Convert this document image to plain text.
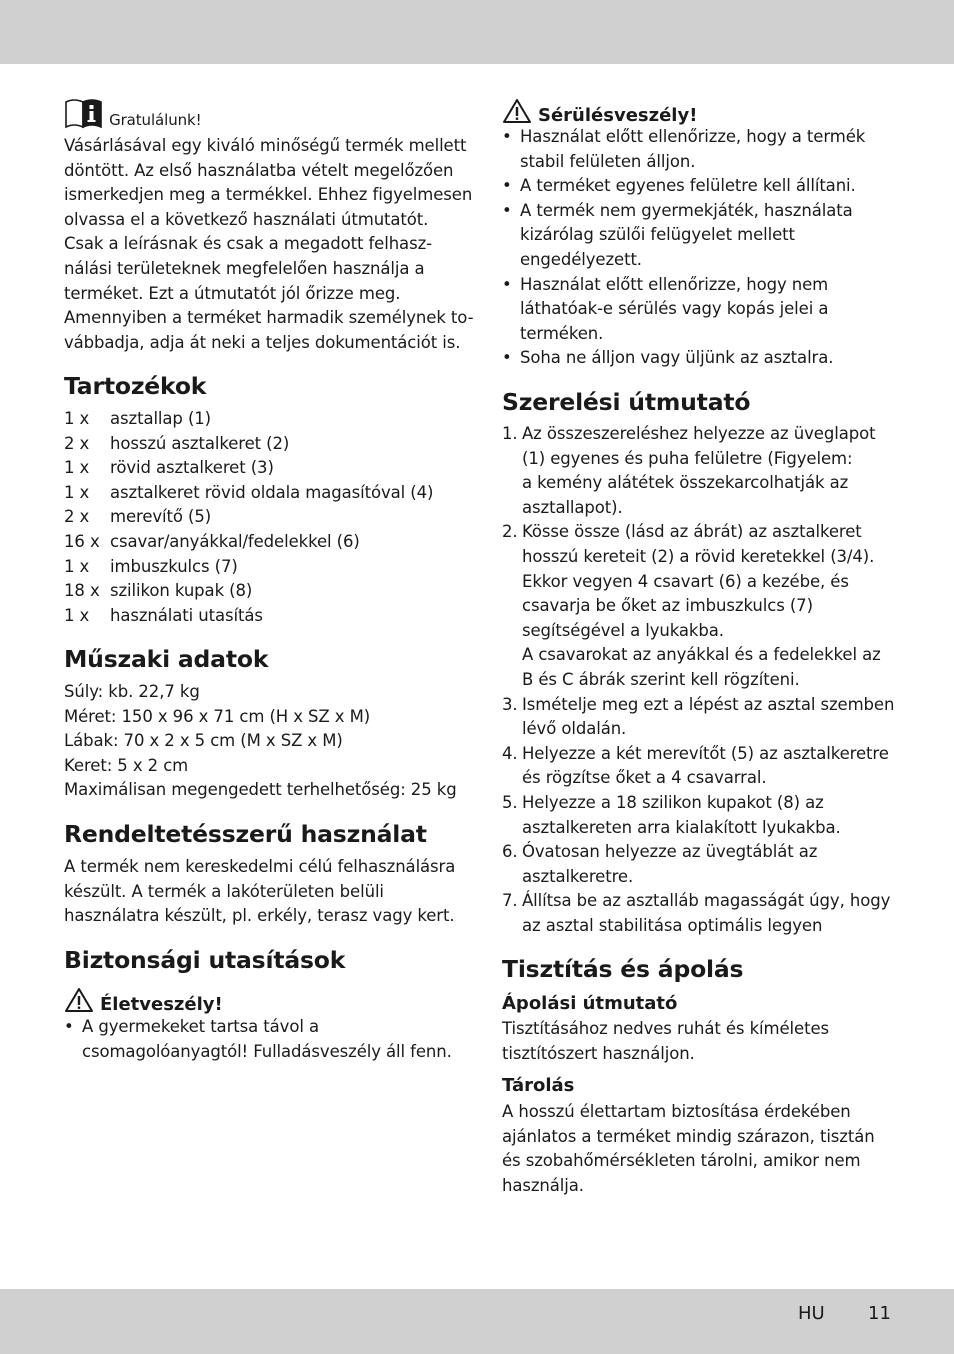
Gratulálunk!
Vásárlásával egy kiváló minőségű termék mellett
döntött. Az első használatba vételt megelőzően
ismerkedjen meg a termékkel. Ehhez figyelmesen
olvassa el a következő használati útmutatót.
Csak a leírásnak és csak a megadott felhasz-
nálási területeknek megfelelően használja a
terméket. Ezt a útmutatót jól őrizze meg.
Amennyiben a terméket harmadik személynek to-
vábbadja, adja át neki a teljes dokumentációt is.
Tartozékok
1 x	asztallap (1)
2 x	hosszú asztalkeret (2)
1 x	rövid asztalkeret (3)
1 x	asztalkeret rövid oldala magasítóval (4)
2 x	merevítő (5)
16 x csavar/anyákkal/fedelekkel (6)
1 x	imbuszkulcs (7)
18 x szilikon kupak (8)
1 x	használati utasítás
Műszaki adatok
Súly: kb. 22,7 kg
Méret: 150 x 96 x 71 cm (H x SZ x M)
Lábak: 70 x 2 x 5 cm (M x SZ x M)
Keret: 5 x 2 cm
Maximálisan megengedett terhelhetőség: 25 kg
Rendeltetésszerű használat
A termék nem kereskedelmi célú felhasználásra
készült. A termék a lakóterületen belüli
használatra készült, pl. erkély, terasz vagy kert.
Biztonsági utasítások
Életveszély!
• A gyermekeket tartsa távol a
csomagolóanyagtól! Fulladásveszély áll fenn.
Sérülésveszély!
• Használat előtt ellenőrizze, hogy a termék
stabil felületen álljon.
• A terméket egyenes felületre kell állítani.
• A termék nem gyermekjáték, használata
kizárólag szülői felügyelet mellett
engedélyezett.
• Használat előtt ellenőrizze, hogy nem
láthatóak-e sérülés vagy kopás jelei a
terméken.
• Soha ne álljon vagy üljünk az asztalra.
Szerelési útmutató
1. Az összeszereléshez helyezze az üveglapot
(1) egyenes és puha felületre (Figyelem:
a kemény alátétek összekarcolhatják az
asztallapot).
2. Kösse össze (lásd az ábrát) az asztalkeret
hosszú kereteit (2) a rövid keretekkel (3/4).
Ekkor vegyen 4 csavart (6) a kezébe, és
csavarja be őket az imbuszkulcs (7)
segítségével a lyukakba.
A csavarokat az anyákkal és a fedelekkel az
B és C ábrák szerint kell rögzíteni.
3. Ismételje meg ezt a lépést az asztal szemben
lévő oldalán.
4. Helyezze a két merevítőt (5) az asztalkeretre
és rögzítse őket a 4 csavarral.
5. Helyezze a 18 szilikon kupakot (8) az
asztalkereten arra kialakított lyukakba.
6. Óvatosan helyezze az üvegtáblát az
asztalkeretre.
7. Állítsa be az asztalláb magasságát úgy, hogy
az asztal stabilitása optimális legyen
Tisztítás és ápolás
Ápolási útmutató
Tisztításához nedves ruhát és kíméletes
tisztítószert használjon.
Tárolás
A hosszú élettartam biztosítása érdekében
ajánlatos a terméket mindig szárazon, tisztán
és szobahőmérsékleten tárolni, amikor nem
használja.
HU 11
